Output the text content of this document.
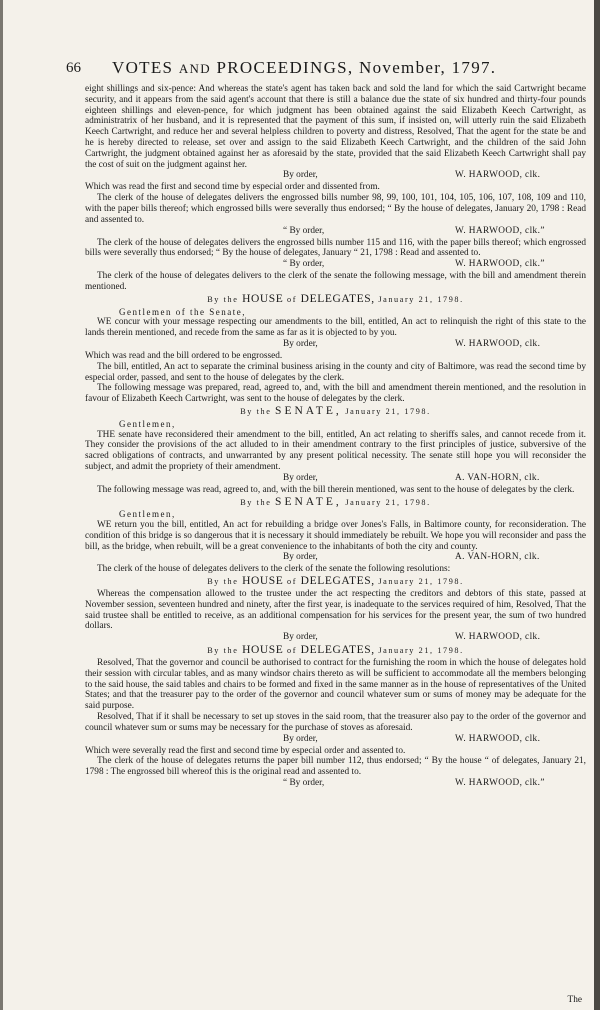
66 VOTES AND PROCEEDINGS, November, 1797.

eight shillings and six-pence: And whereas the state's agent has taken back and sold the land for which the said Cartwright became security, and it appears from the said agent's account that there is still a balance due the state of six hundred and thirty-four pounds eighteen shillings and eleven-pence, for which judgment has been obtained against the said Elizabeth Keech Cartwright, as administratrix of her husband, and it is represented that the payment of this sum, if insisted on, will utterly ruin the said Elizabeth Keech Cartwright, and reduce her and several helpless children to poverty and distress, Resolved, That the agent for the state be and he is hereby directed to release, set over and assign to the said Elizabeth Keech Cartwright, and the children of the said John Cartwright, the judgment obtained against her as aforesaid by the state, provided that the said Elizabeth Keech Cartwright shall pay the cost of suit on the judgment against her.

By order,	W. HARWOOD, clk.

Which was read the first and second time by especial order and dissented from.

The clerk of the house of delegates delivers the engrossed bills number 98, 99, 100, 101, 104, 105, 106, 107, 108, 109 and 110, with the paper bills thereof; which engrossed bills were severally thus endorsed; “ By the house of delegates, January 20, 1798 : Read and assented to.

“ By order,	W. HARWOOD, clk.”

The clerk of the house of delegates delivers the engrossed bills number 115 and 116, with the paper bills thereof; which engrossed bills were severally thus endorsed; “ By the house of delegates, January “ 21, 1798 : Read and assented to.

“ By order,	W. HARWOOD, clk.”

The clerk of the house of delegates delivers to the clerk of the senate the following message, with the bill and amendment therein mentioned.

By the HOUSE of DELEGATES, January 21, 1798.
Gentlemen of the Senate,

WE concur with your message respecting our amendments to the bill, entitled, An act to relinquish the right of this state to the lands therein mentioned, and recede from the same as far as it is objected to by you.

By order,	W. HARWOOD, clk.

Which was read and the bill ordered to be engrossed.

The bill, entitled, An act to separate the criminal business arising in the county and city of Baltimore, was read the second time by especial order, passed, and sent to the house of delegates by the clerk.

The following message was prepared, read, agreed to, and, with the bill and amendment therein mentioned, and the resolution in favour of Elizabeth Keech Cartwright, was sent to the house of delegates by the clerk.

By the SENATE, January 21, 1798.
Gentlemen,

THE senate have reconsidered their amendment to the bill, entitled, An act relating to sheriffs sales, and cannot recede from it. They consider the provisions of the act alluded to in their amendment contrary to the first principles of justice, subversive of the sacred obligations of contracts, and unwarranted by any present political necessity. The senate still hope you will reconsider the subject, and admit the propriety of their amendment.

By order,	A. VAN-HORN, clk.

The following message was read, agreed to, and, with the bill therein mentioned, was sent to the house of delegates by the clerk.

By the SENATE, January 21, 1798.
Gentlemen,

WE return you the bill, entitled, An act for rebuilding a bridge over Jones's Falls, in Baltimore county, for reconsideration. The condition of this bridge is so dangerous that it is necessary it should immediately be rebuilt. We hope you will reconsider and pass the bill, as the bridge, when rebuilt, will be a great convenience to the inhabitants of both the city and county.

By order,	A. VAN-HORN, clk.

The clerk of the house of delegates delivers to the clerk of the senate the following resolutions:

By the HOUSE of DELEGATES, January 21, 1798.

Whereas the compensation allowed to the trustee under the act respecting the creditors and debtors of this state, passed at November session, seventeen hundred and ninety, after the first year, is inadequate to the services required of him, Resolved, That the said trustee shall be entitled to receive, as an additional compensation for his services for the present year, the sum of two hundred dollars.

By order,	W. HARWOOD, clk.
By the HOUSE of DELEGATES, January 21, 1798.

Resolved, That the governor and council be authorised to contract for the furnishing the room in which the house of delegates hold their session with circular tables, and as many windsor chairs thereto as will be sufficient to accommodate all the members belonging to the said house, the said tables and chairs to be formed and fixed in the same manner as in the house of representatives of the United States; and that the treasurer pay to the order of the governor and council whatever sum or sums of money may be adequate for the said purpose.

Resolved, That if it shall be necessary to set up stoves in the said room, that the treasurer also pay to the order of the governor and council whatever sum or sums may be necessary for the purchase of stoves as aforesaid.

By order,	W. HARWOOD, clk.

Which were severally read the first and second time by especial order and assented to.

The clerk of the house of delegates returns the paper bill number 112, thus endorsed; “ By the house “ of delegates, January 21, 1798 : The engrossed bill whereof this is the original read and assented to.

“ By order,	W. HARWOOD, clk.”
The
